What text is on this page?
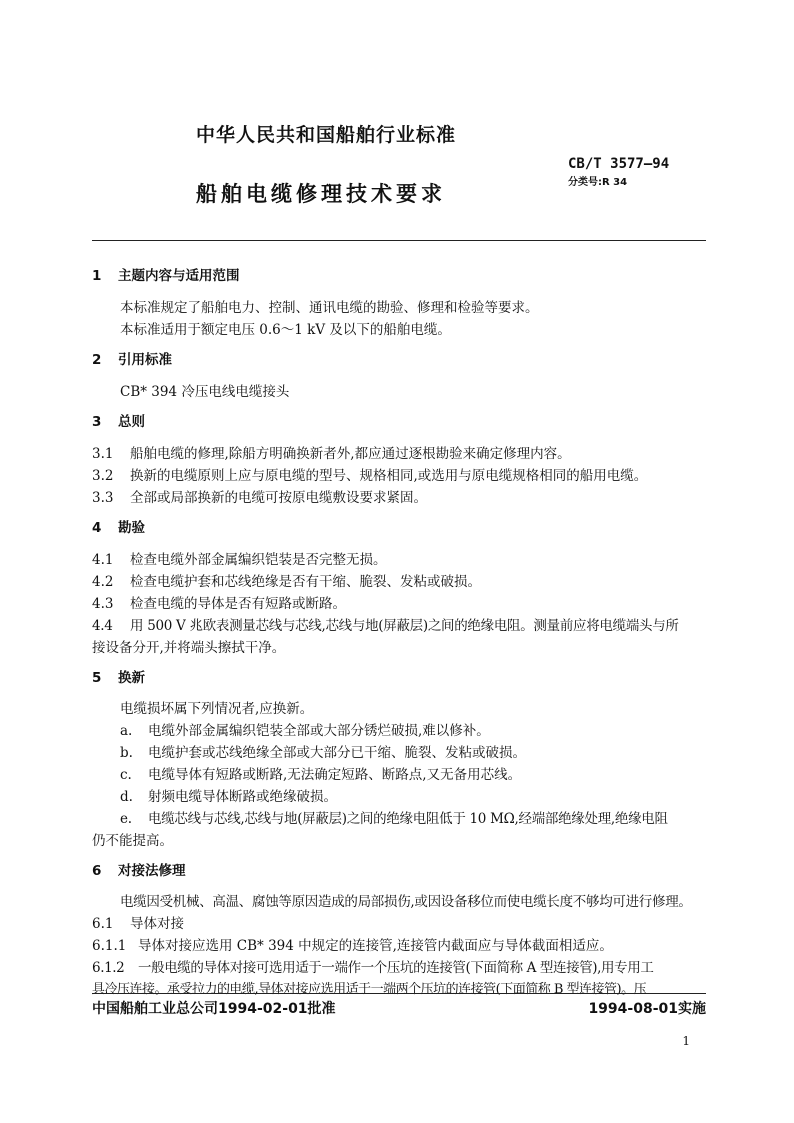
中华人民共和国船舶行业标准
船舶电缆修理技术要求
CB/T 3577—94
分类号:R 34
1 主题内容与适用范围
本标准规定了船舶电力、控制、通讯电缆的勘验、修理和检验等要求。
本标准适用于额定电压 0.6～1 kV 及以下的船舶电缆。
2 引用标准
CB* 394 冷压电线电缆接头
3 总则
3.1 船舶电缆的修理,除船方明确换新者外,都应通过逐根勘验来确定修理内容。
3.2 换新的电缆原则上应与原电缆的型号、规格相同,或选用与原电缆规格相同的船用电缆。
3.3 全部或局部换新的电缆可按原电缆敷设要求紧固。
4 勘验
4.1 检查电缆外部金属编织铠装是否完整无损。
4.2 检查电缆护套和芯线绝缘是否有干缩、脆裂、发粘或破损。
4.3 检查电缆的导体是否有短路或断路。
4.4 用 500 V 兆欧表测量芯线与芯线,芯线与地(屏蔽层)之间的绝缘电阻。测量前应将电缆端头与所
接设备分开,并将端头擦拭干净。
5 换新
电缆损坏属下列情况者,应换新。
a. 电缆外部金属编织铠装全部或大部分锈烂破损,难以修补。
b. 电缆护套或芯线绝缘全部或大部分已干缩、脆裂、发粘或破损。
c. 电缆导体有短路或断路,无法确定短路、断路点,又无备用芯线。
d. 射频电缆导体断路或绝缘破损。
e. 电缆芯线与芯线,芯线与地(屏蔽层)之间的绝缘电阻低于 10 MΩ,经端部绝缘处理,绝缘电阻
仍不能提高。
6 对接法修理
电缆因受机械、高温、腐蚀等原因造成的局部损伤,或因设备移位而使电缆长度不够均可进行修理。
6.1 导体对接
6.1.1 导体对接应选用 CB* 394 中规定的连接管,连接管内截面应与导体截面相适应。
6.1.2 一般电缆的导体对接可选用适于一端作一个压坑的连接管(下面简称 A 型连接管),用专用工
具冷压连接。承受拉力的电缆,导体对接应选用适于一端两个压坑的连接管(下面简称 B 型连接管)。压
中国船舶工业总公司1994-02-01批准	1994-08-01实施
1
